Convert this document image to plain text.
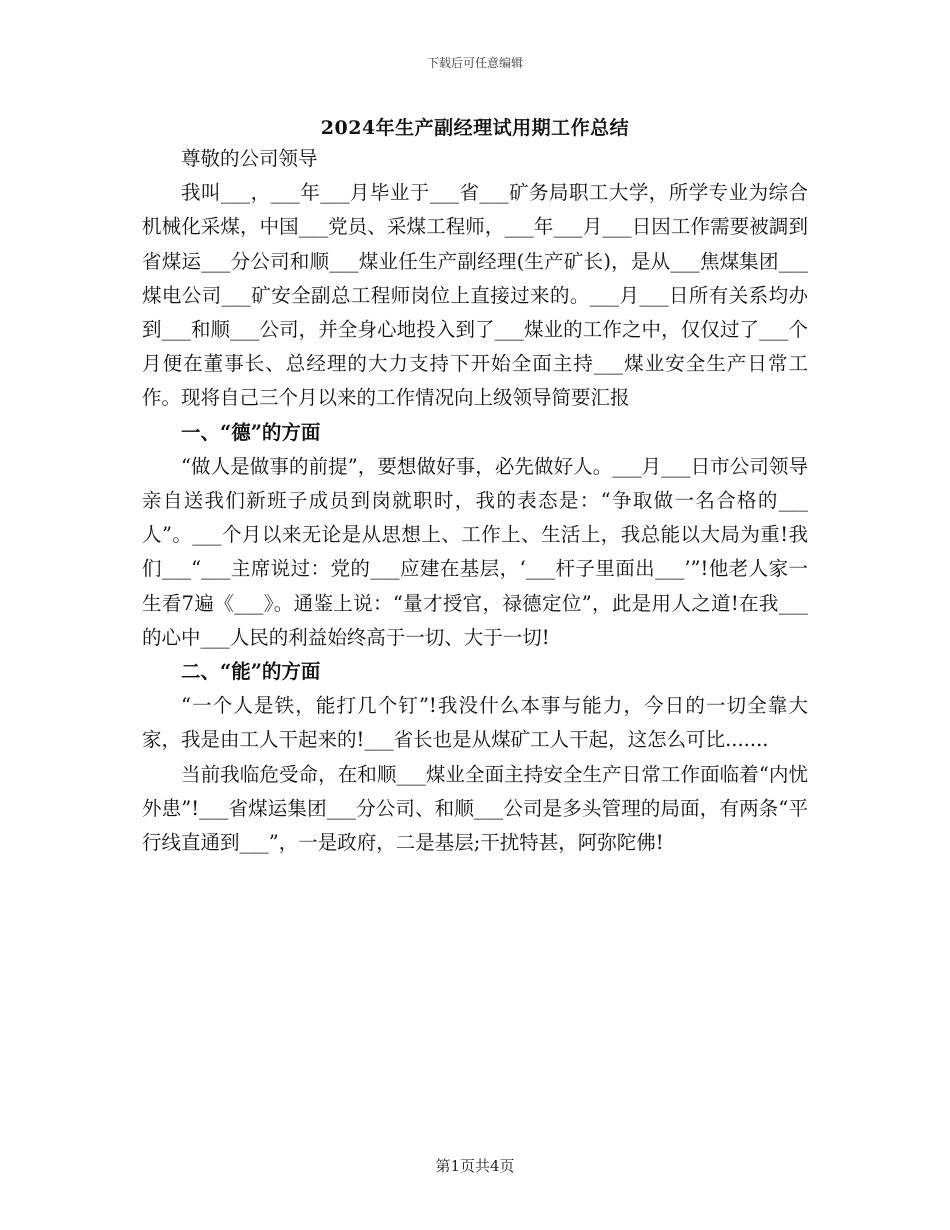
下载后可任意编辑
2024年生产副经理试用期工作总结

尊敬的公司领导

我叫___，___年___月毕业于___省___矿务局职工大学，所学专业为综合机械化采煤，中国___党员、采煤工程师，___年___月___日因工作需要被調到省煤运___分公司和顺___煤业任生产副经理(生产矿长)，是从___焦煤集团___煤电公司___矿安全副总工程师岗位上直接过来的。___月___日所有关系均办到___和顺___公司，并全身心地投入到了___煤业的工作之中，仅仅过了___个月便在董事长、总经理的大力支持下开始全面主持___煤业安全生产日常工作。现将自己三个月以来的工作情况向上级领导简要汇报

一、“德”的方面

“做人是做事的前提”，要想做好事，必先做好人。___月___日市公司领导亲自送我们新班子成员到岗就职时，我的表态是：“争取做一名合格的___人”。___个月以来无论是从思想上、工作上、生活上，我总能以大局为重!我们___“___主席说过：党的___应建在基层，‘___杆子里面出___’”!他老人家一生看7遍《___》。通鉴上说：“量才授官，禄德定位”，此是用人之道!在我___的心中___人民的利益始终高于一切、大于一切!

二、“能”的方面

“一个人是铁，能打几个钉”!我没什么本事与能力，今日的一切全靠大家，我是由工人干起来的!___省长也是从煤矿工人干起，这怎么可比.......

当前我临危受命，在和顺___煤业全面主持安全生产日常工作面临着“内忧外患”!___省煤运集团___分公司、和顺___公司是多头管理的局面，有两条“平行线直通到___”，一是政府，二是基层;干扰特甚，阿弥陀佛!

第1页共4页
